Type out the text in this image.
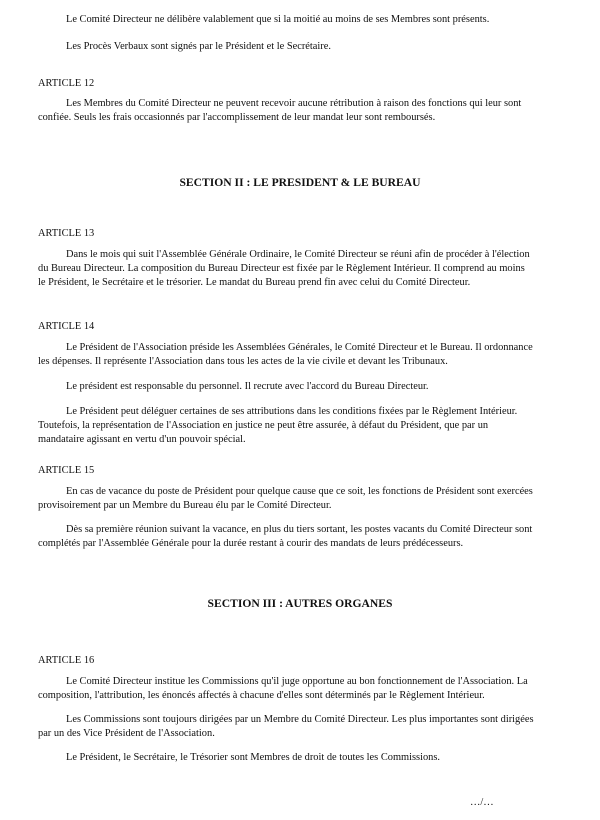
Le Comité Directeur ne délibère valablement que si la moitié au moins de ses Membres sont présents.

Les Procès Verbaux sont signés par le Président et le Secrétaire.

ARTICLE 12

Les Membres du Comité Directeur ne peuvent recevoir aucune rétribution à raison des fonctions qui leur sont confiée. Seuls les frais occasionnés par l'accomplissement de leur mandat leur sont remboursés.

SECTION II : LE PRESIDENT & LE BUREAU

ARTICLE 13

Dans le mois qui suit l'Assemblée Générale Ordinaire, le Comité Directeur se réuni afin de procéder à l'élection du Bureau Directeur. La composition du Bureau Directeur est fixée par le Règlement Intérieur. Il comprend au moins le Président, le Secrétaire et le trésorier. Le mandat du Bureau prend fin avec celui du Comité Directeur.

ARTICLE 14

Le Président de l'Association préside les Assemblées Générales, le Comité Directeur et le Bureau. Il ordonnance les dépenses. Il représente l'Association dans tous les actes de la vie civile et devant les Tribunaux.

Le président est responsable du personnel. Il recrute avec l'accord du Bureau Directeur.

Le Président peut déléguer certaines de ses attributions dans les conditions fixées par le Règlement Intérieur. Toutefois, la représentation de l'Association en justice ne peut être assurée, à défaut du Président, que par un mandataire agissant en vertu d'un pouvoir spécial.

ARTICLE 15

En cas de vacance du poste de Président pour quelque cause que ce soit, les fonctions de Président sont exercées provisoirement par un Membre du Bureau élu par le Comité Directeur.

Dès sa première réunion suivant la vacance, en plus du tiers sortant, les postes vacants du Comité Directeur sont complétés par l'Assemblée Générale pour la durée restant à courir des mandats de leurs prédécesseurs.

SECTION III : AUTRES ORGANES

ARTICLE 16

Le Comité Directeur institue les Commissions qu'il juge opportune au bon fonctionnement de l'Association. La composition, l'attribution, les énoncés affectés à chacune d'elles sont déterminés par le Règlement Intérieur.

Les Commissions sont toujours dirigées par un Membre du Comité Directeur. Les plus importantes sont dirigées par un des Vice Président de l'Association.

Le Président, le Secrétaire, le Trésorier sont Membres de droit de toutes les Commissions.

…/…
